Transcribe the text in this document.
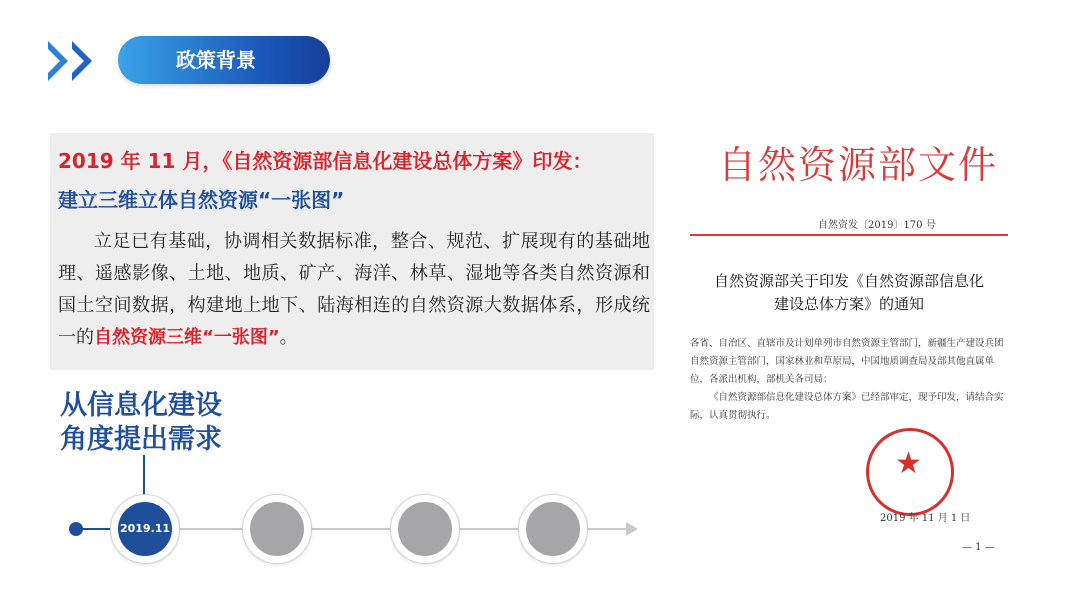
政策背景
2019 年 11 月，《自然资源部信息化建设总体方案》印发：
建立三维立体自然资源“一张图”
立足已有基础，协调相关数据标准，整合、规范、扩展现有的基础地理、遥感影像、土地、地质、矿产、海洋、林草、湿地等各类自然资源和国土空间数据，构建地上地下、陆海相连的自然资源大数据体系，形成统一的自然资源三维“一张图”。
从信息化建设
角度提出需求
2019.11
自然资源部文件
自然资发〔2019〕170 号
自然资源部关于印发《自然资源部信息化
建设总体方案》的通知

各省、自治区、直辖市及计划单列市自然资源主管部门，新疆生产建设兵团自然资源主管部门，国家林业和草原局，中国地质调查局及部其他直属单位，各派出机构，部机关各司局：

《自然资源部信息化建设总体方案》已经部审定，现予印发，请结合实际，认真贯彻执行。

★
2019 年 11 月 1 日
— 1 —
